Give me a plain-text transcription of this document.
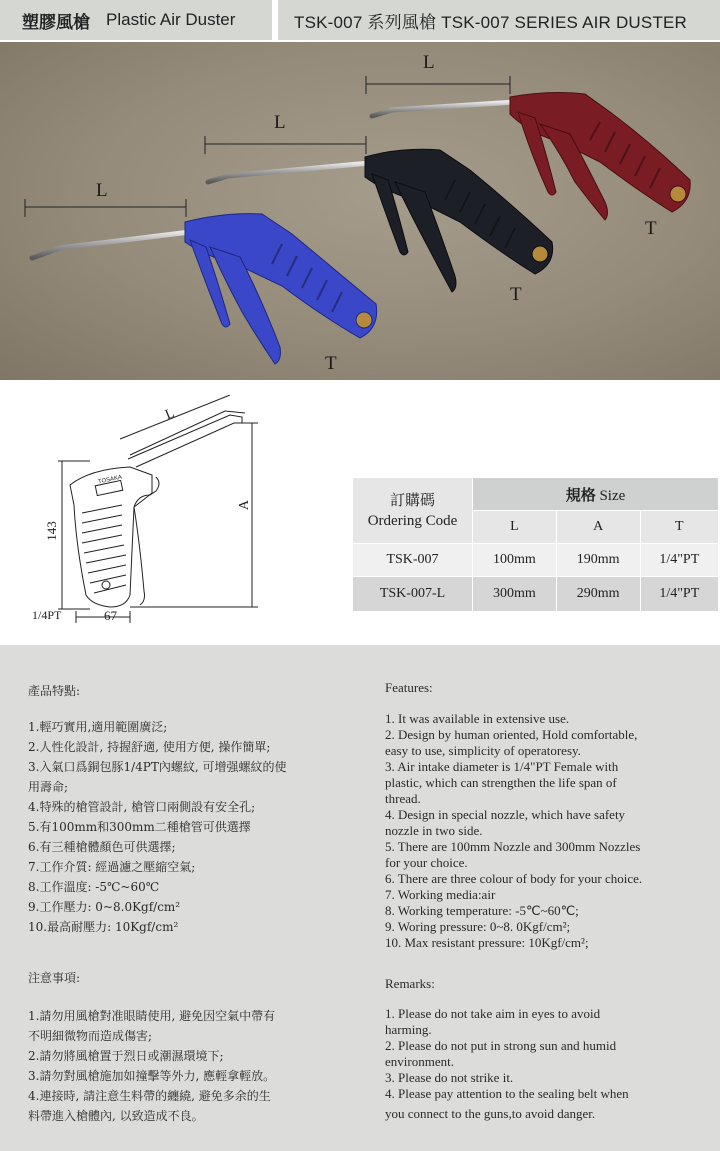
塑膠風槍 Plastic Air Duster	TSK-007 系列風槍 TSK-007 SERIES AIR DUSTER
L
L
L
T
T
T
L
A
143
67
1/4PT
TOSAKA
訂購碼
Ordering Code	規格 Size		
	L	A	T
TSK-007	100mm	190mm	1/4"PT
TSK-007-L	300mm	290mm	1/4"PT
產品特點:
1.輕巧實用,適用範圍廣泛;
2.人性化設計, 持握舒適, 使用方便, 操作簡單;
3.入氣口爲銅包豚1/4PT內螺紋, 可增强螺紋的使
用壽命;
4.特殊的槍管設計, 槍管口兩側設有安全孔;
5.有100mm和300mm二種槍管可供選擇
6.有三種槍體顏色可供選擇;
7.工作介質: 經過濾之壓縮空氣;
8.工作溫度: -5℃~60℃
9.工作壓力: 0~8.0Kgf/cm²
10.最高耐壓力: 10Kgf/cm²
注意事項:
1.請勿用風槍對准眼睛使用, 避免因空氣中帶有
不明細微物而造成傷害;
2.請勿將風槍置于烈日或潮濕環境下;
3.請勿對風槍施加如撞擊等外力, 應輕拿輕放。
4.連接時, 請注意生料帶的纏繞, 避免多余的生
料帶進入槍體內, 以致造成不良。
Features:
1. It was available in extensive use.
2. Design by human oriented, Hold comfortable,
easy to use, simplicity of operatoresy.
3. Air intake diameter is 1/4"PT Female with
plastic, which can strengthen the life span of
thread.
4. Design in special nozzle, which have safety
nozzle in two side.
5. There are 100mm Nozzle and 300mm Nozzles
for your choice.
6. There are three colour of body for your choice.
7. Working media:air
8. Working temperature: -5℃~60℃;
9. Woring pressure: 0~8. 0Kgf/cm²;
10. Max resistant pressure: 10Kgf/cm²;
Remarks:
1. Please do not take aim in eyes to avoid
harming.
2. Please do not put in strong sun and humid
environment.
3. Please do not strike it.
4. Please pay attention to the sealing belt when
you connect to the guns,to avoid danger.
